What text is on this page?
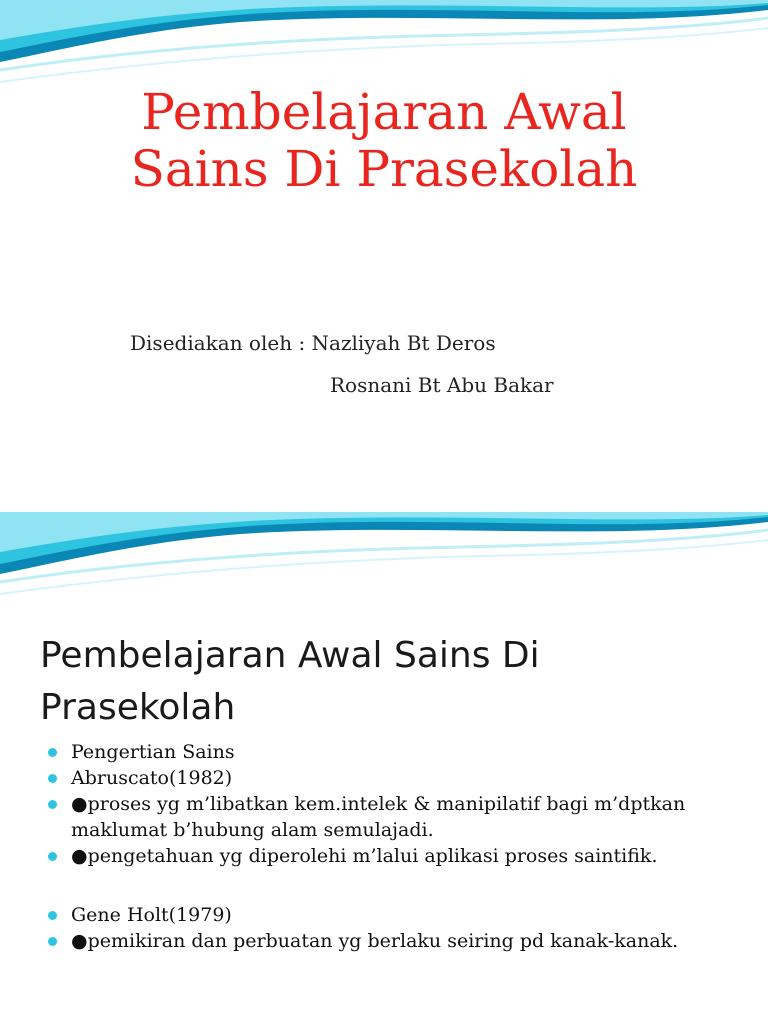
Pembelajaran Awal
Sains Di Prasekolah
Disediakan oleh : Nazliyah Bt Deros
Rosnani Bt Abu Bakar
Pembelajaran Awal Sains Di
Prasekolah
Pengertian Sains
Abruscato(1982)
●proses yg m’libatkan kem.intelek & manipilatif bagi m’dptkan maklumat b’hubung alam semulajadi.
●pengetahuan yg diperolehi m’lalui aplikasi proses saintifik.
Gene Holt(1979)
●pemikiran dan perbuatan yg berlaku seiring pd kanak-kanak.
